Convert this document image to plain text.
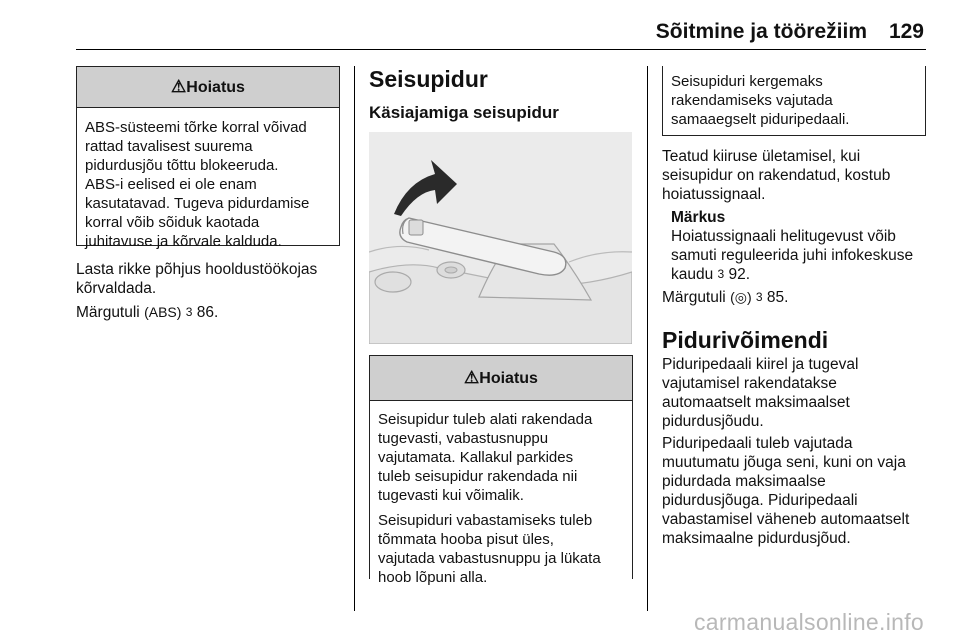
Sõitmine ja töörežiim 129
⚠Hoiatus
ABS-süsteemi tõrke korral võivad
rattad tavalisest suurema
pidurdusjõu tõttu blokeeruda.
ABS-i eelised ei ole enam
kasutatavad. Tugeva pidurdamise
korral võib sõiduk kaotada
juhitavuse ja kõrvale kalduda.
Lasta rikke põhjus hooldustöökojas
kõrvaldada.
Märgutuli (ABS) 3 86.
Seisupidur
Käsiajamiga seisupidur
⚠Hoiatus
Seisupidur tuleb alati rakendada
tugevasti, vabastusnuppu
vajutamata. Kallakul parkides
tuleb seisupidur rakendada nii
tugevasti kui võimalik.
Seisupiduri vabastamiseks tuleb
tõmmata hooba pisut üles,
vajutada vabastusnuppu ja lükata
hoob lõpuni alla.
Seisupiduri kergemaks
rakendamiseks vajutada
samaaegselt piduripedaali.
Teatud kiiruse ületamisel, kui
seisupidur on rakendatud, kostub
hoiatussignaal.
Märkus
Hoiatussignaali helitugevust võib
samuti reguleerida juhi infokeskuse
kaudu 3 92.
Märgutuli (◎) 3 85.
Pidurivõimendi
Piduripedaali kiirel ja tugeval
vajutamisel rakendatakse
automaatselt maksimaalset
pidurdusjõudu.
Piduripedaali tuleb vajutada
muutumatu jõuga seni, kuni on vaja
pidurdada maksimaalse
pidurdusjõuga. Piduripedaali
vabastamisel väheneb automaatselt
maksimaalne pidurdusjõud.
carmanualsonline.info
